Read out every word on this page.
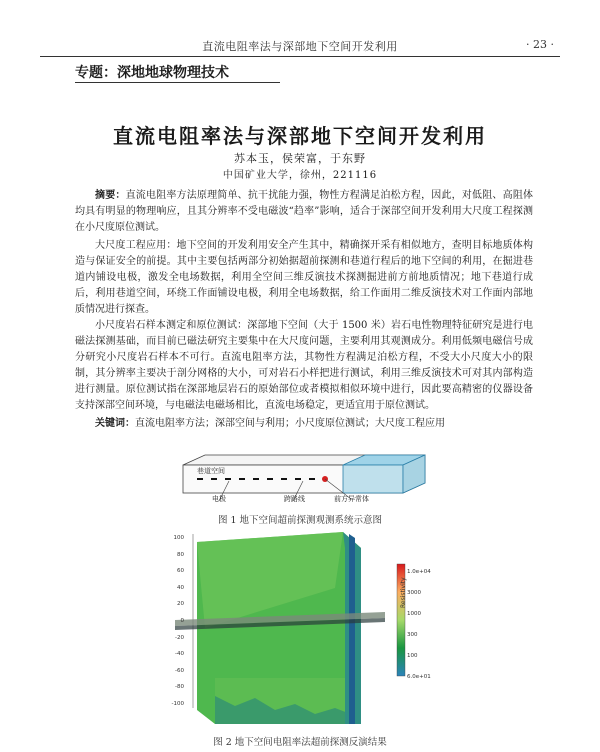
直流电阻率法与深部地下空间开发利用	· 23 ·
专题：深地地球物理技术
直流电阻率法与深部地下空间开发利用
苏本玉，侯荣富，于东野
中国矿业大学，徐州，221116
摘要：直流电阻率方法原理简单、抗干扰能力强，物性方程满足泊松方程，因此，对低阻、高阻体均具有明显的物理响应，且其分辨率不受电磁波“趋率”影响，适合于深部空间开发利用大尺度工程探测在小尺度原位测试。
大尺度工程应用：地下空间的开发利用安全产生其中，精确探开采有相似地方，查明目标地质体构造与保证安全的前提。其中主要包括两部分初始据超前探测和巷道行程后的地下空间的利用，在掘进巷道内铺设电极，激发全电场数据，利用全空间三维反演技术探测掘进前方前地质情况；地下巷道行成后，利用巷道空间，环绕工作面铺设电极，利用全电场数据，给工作面用二维反演技术对工作面内部地质情况进行探查。
小尺度岩石样本测定和原位测试：深部地下空间（大于 1500 米）岩石电性物理特征研究是进行电磁法探测基础，而目前已磁法研究主要集中在大尺度问题，主要利用其观测成分。利用低频电磁信号成分研究小尺度岩石样本不可行。直流电阻率方法，其物性方程满足泊松方程，不受大小尺度大小的限制，其分辨率主要决于剖分网格的大小，可对岩石小样把进行测试，利用三维反演技术可对其内部构造进行测量。原位测试指在深部地层岩石的原始部位或者模拟相似环境中进行，因此要高精密的仪器设备支持深部空间环境，与电磁法电磁场相比，直流电场稳定，更适宜用于原位测试。
关键词：直流电阻率方法；深部空间与利用；小尺度原位测试；大尺度工程应用
巷道空间
电极	跨路线	前方异常体
图 1 地下空间超前探测观测系统示意图
100
80
60
40
20
0
-20
-40
-60
-80
-100
1.0e+04
3000
1000
300
100
6.0e+01
Resistivity
图 2 地下空间电阻率法超前探测反演结果
